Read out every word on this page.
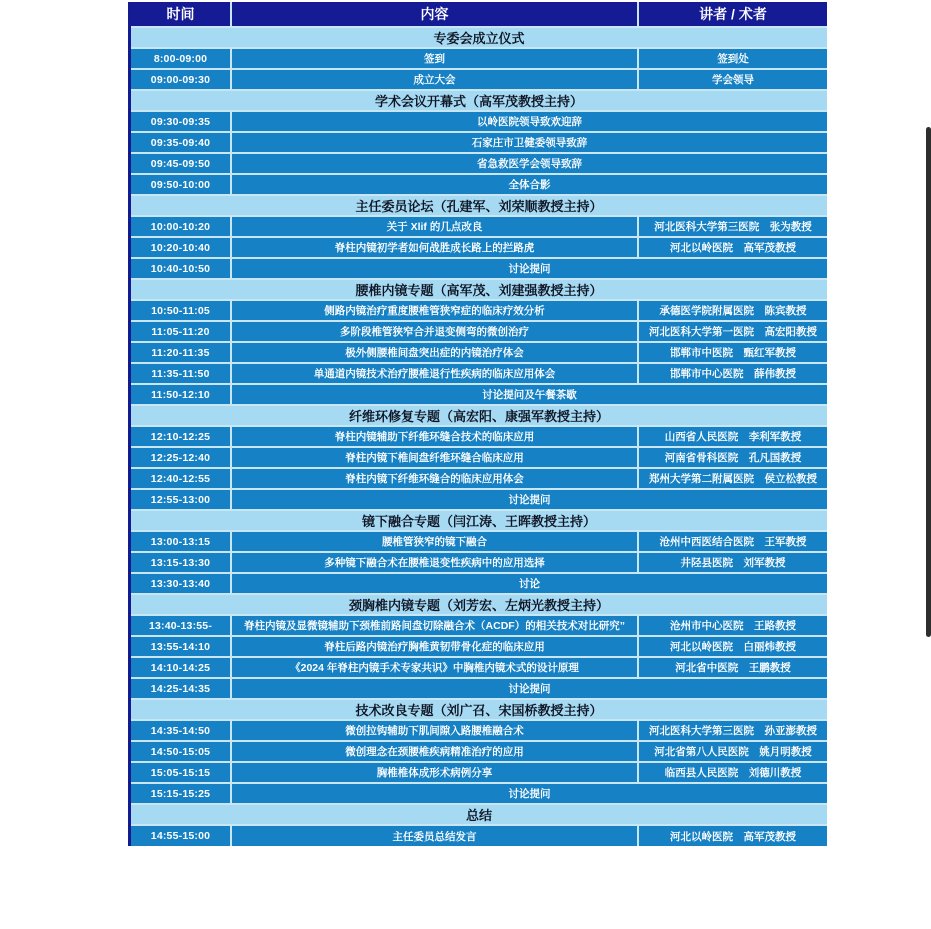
时间	内容	讲者 / 术者
专委会成立仪式		
8:00-09:00	签到	签到处
09:00-09:30	成立大会	学会领导
学术会议开幕式（高军茂教授主持）		
09:30-09:35	以岭医院领导致欢迎辞	
09:35-09:40	石家庄市卫健委领导致辞	
09:45-09:50	省急救医学会领导致辞	
09:50-10:00	全体合影	
主任委员论坛（孔建军、刘荣顺教授主持）		
10:00-10:20	关于 Xlif 的几点改良	河北医科大学第三医院　张为教授
10:20-10:40	脊柱内镜初学者如何战胜成长路上的拦路虎	河北以岭医院　高军茂教授
10:40-10:50	讨论提问	
腰椎内镜专题（高军茂、刘建强教授主持）		
10:50-11:05	侧路内镜治疗重度腰椎管狭窄症的临床疗效分析	承德医学院附属医院　陈宾教授
11:05-11:20	多阶段椎管狭窄合并退变侧弯的微创治疗	河北医科大学第一医院　高宏阳教授
11:20-11:35	极外侧腰椎间盘突出症的内镜治疗体会	邯郸市中医院　甄红军教授
11:35-11:50	单通道内镜技术治疗腰椎退行性疾病的临床应用体会	邯郸市中心医院　薛伟教授
11:50-12:10	讨论提问及午餐茶歇	
纤维环修复专题（高宏阳、康强军教授主持）		
12:10-12:25	脊柱内镜辅助下纤维环缝合技术的临床应用	山西省人民医院　李利军教授
12:25-12:40	脊柱内镜下椎间盘纤维环缝合临床应用	河南省骨科医院　孔凡国教授
12:40-12:55	脊柱内镜下纤维环缝合的临床应用体会	郑州大学第二附属医院　侯立松教授
12:55-13:00	讨论提问	
镜下融合专题（闫江涛、王晖教授主持）		
13:00-13:15	腰椎管狭窄的镜下融合	沧州中西医结合医院　王军教授
13:15-13:30	多种镜下融合术在腰椎退变性疾病中的应用选择	井陉县医院　刘军教授
13:30-13:40	讨论	
颈胸椎内镜专题（刘芳宏、左炳光教授主持）		
13:40-13:55-	脊柱内镜及显微镜辅助下颈椎前路间盘切除融合术（ACDF）的相关技术对比研究”	沧州市中心医院　王路教授
13:55-14:10	脊柱后路内镜治疗胸椎黄韧带骨化症的临床应用	河北以岭医院　白丽炜教授
14:10-14:25	《2024 年脊柱内镜手术专家共识》中胸椎内镜术式的设计原理	河北省中医院　王鹏教授
14:25-14:35	讨论提问	
技术改良专题（刘广召、宋国桥教授主持）		
14:35-14:50	微创拉钩辅助下肌间隙入路腰椎融合术	河北医科大学第三医院　孙亚澎教授
14:50-15:05	微创理念在颈腰椎疾病精准治疗的应用	河北省第八人民医院　姚月明教授
15:05-15:15	胸椎椎体成形术病例分享	临西县人民医院　刘德川教授
15:15-15:25	讨论提问	
总结		
14:55-15:00	主任委员总结发言	河北以岭医院　高军茂教授
